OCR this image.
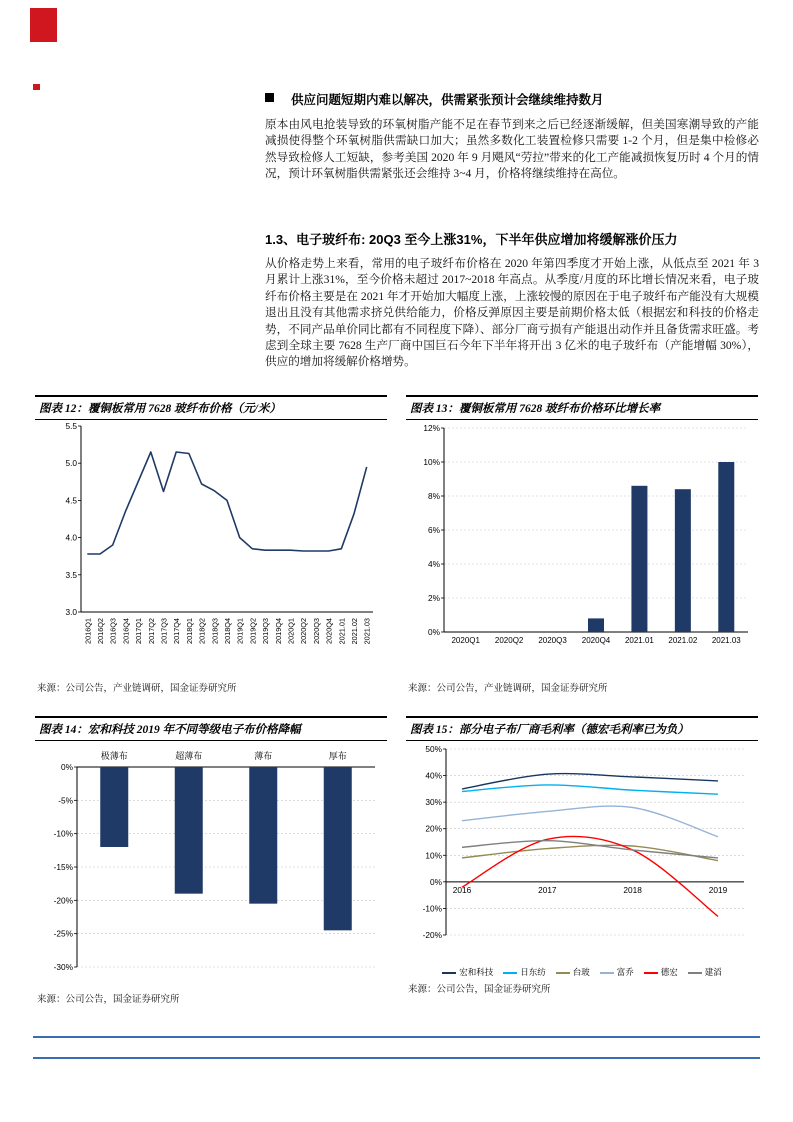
供应问题短期内难以解决，供需紧张预计会继续维持数月

原本由风电抢装导致的环氧树脂产能不足在春节到来之后已经逐渐缓解，但美国寒潮导致的产能减损使得整个环氧树脂供需缺口加大；虽然多数化工装置检修只需要 1-2 个月，但是集中检修必然导致检修人工短缺，参考美国 2020 年 9 月飓风“劳拉”带来的化工产能减损恢复历时 4 个月的情况，预计环氧树脂供需紧张还会维持 3~4 月，价格将继续维持在高位。

1.3、电子玻纤布: 20Q3 至今上涨31%，下半年供应增加将缓解涨价压力

从价格走势上来看，常用的电子玻纤布价格在 2020 年第四季度才开始上涨，从低点至 2021 年 3 月累计上涨31%，至今价格未超过 2017~2018 年高点。从季度/月度的环比增长情况来看，电子玻纤布价格主要是在 2021 年才开始加大幅度上涨，上涨较慢的原因在于电子玻纤布产能没有大规模退出且没有其他需求挤兑供给能力，价格反弹原因主要是前期价格太低（根据宏和科技的价格走势，不同产品单价同比都有不同程度下降）、部分厂商亏损有产能退出动作并且备货需求旺盛。考虑到全球主要 7628 生产厂商中国巨石今年下半年将开出 3 亿米的电子玻纤布（产能增幅 30%），供应的增加将缓解价格增势。

图表 12：覆铜板常用 7628 玻纤布价格（元/米）
5.5
5.0
4.5
4.0
3.5
3.0
2016Q1 2016Q2 2016Q3 2016Q4 2017Q1 2017Q2 2017Q3 2017Q4 2018Q1 2018Q2 2018Q3 2018Q4 2019Q1 2019Q2 2019Q3 2019Q4 2020Q1 2020Q2 2020Q3 2020Q4 2021.01 2021.02 2021.03
来源：公司公告，产业链调研，国金证券研究所
图表 13：覆铜板常用 7628 玻纤布价格环比增长率
12%
10%
8%
6%
4%
2%
0%
2020Q1 2020Q2 2020Q3 2020Q4 2021.01 2021.02 2021.03
来源：公司公告，产业链调研，国金证券研究所
图表 14：宏和科技 2019 年不同等级电子布价格降幅
0%
-5%
-10%
-15%
-20%
-25%
-30%
极薄布	超薄布	薄布	厚布
来源：公司公告，国金证券研究所
图表 15：部分电子布厂商毛利率（德宏毛利率已为负）
50%
40%
30%
20%
10%
0%
-10%
-20%
2016	2017	2018	2019
宏和科技	日东纺	台玻	富乔	德宏	建滔
来源：公司公告，国金证券研究所
